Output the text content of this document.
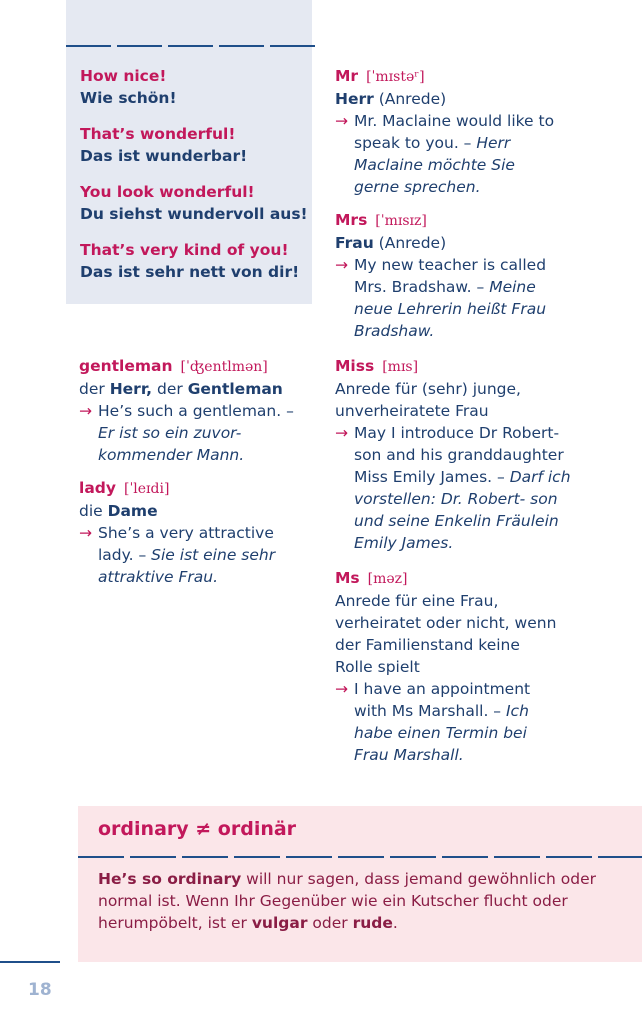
How nice!
Wie schön!
That’s wonderful!
Das ist wunderbar!
You look wonderful!
Du siehst wundervoll aus!
That’s very kind of you!
Das ist sehr nett von dir!
gentleman [ˈʤentlmən]
der Herr, der Gentleman
→ He’s such a gentleman. – Er ist so ein zuvor- kommender Mann.
lady [ˈleɪdi]
die Dame
→ She’s a very attractive lady. – Sie ist eine sehr attraktive Frau.
Mr [ˈmɪstəʳ]
Herr (Anrede)
→ Mr. Maclaine would like to speak to you. – Herr Maclaine möchte Sie gerne sprechen.
Mrs [ˈmɪsɪz]
Frau (Anrede)
→ My new teacher is called Mrs. Bradshaw. – Meine neue Lehrerin heißt Frau Bradshaw.
Miss [mɪs]
Anrede für (sehr) junge, unverheiratete Frau
→ May I introduce Dr Robert- son and his granddaughter Miss Emily James. – Darf ich vorstellen: Dr. Robert- son und seine Enkelin Fräulein Emily James.
Ms [məz]
Anrede für eine Frau, verheiratet oder nicht, wenn der Familienstand keine Rolle spielt
→ I have an appointment with Ms Marshall. – Ich habe einen Termin bei Frau Marshall.
ordinary ≠ ordinär
He’s so ordinary will nur sagen, dass jemand gewöhnlich oder normal ist. Wenn Ihr Gegenüber wie ein Kutscher flucht oder herumpöbelt, ist er vulgar oder rude.
18
